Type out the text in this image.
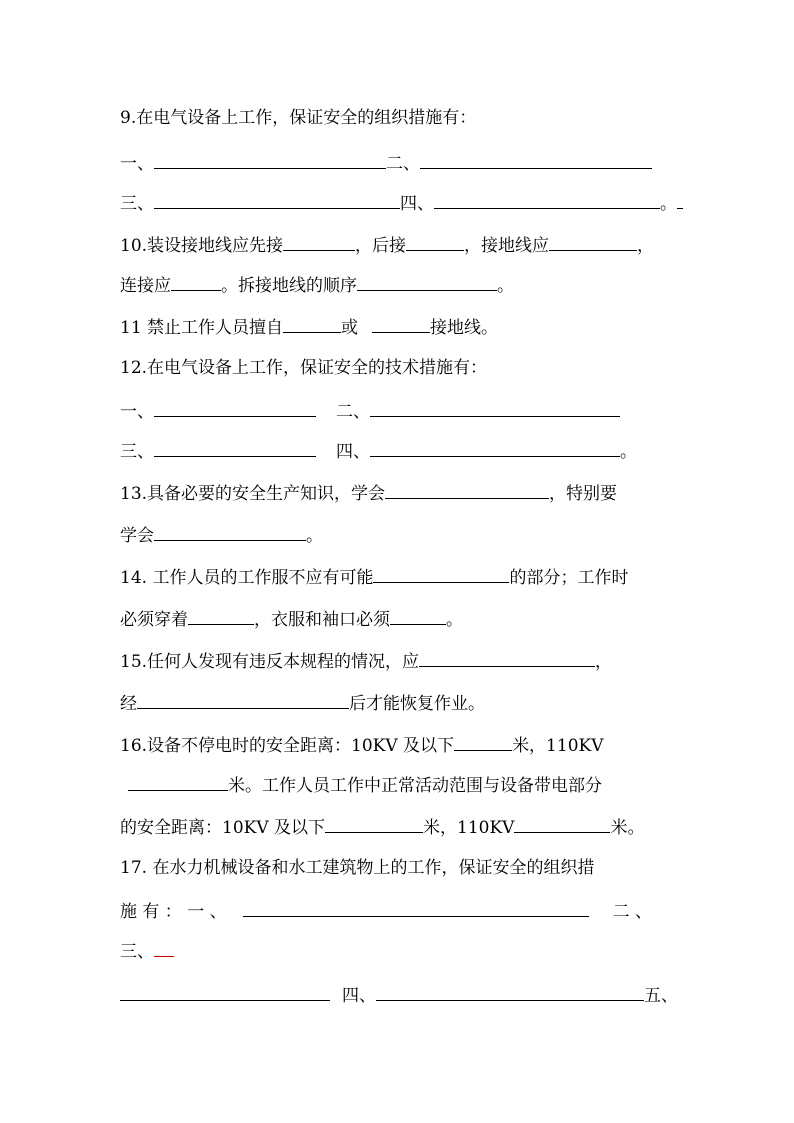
9.在电气设备上工作，保证安全的组织措施有：
一、	二、
三、	四、	。
10.装设接地线应先接	，后接	，接地线应	，
连接应	。拆接地线的顺序	。
11 禁止工作人员擅自	或	接地线。
12.在电气设备上工作，保证安全的技术措施有：
一、	二、
三、	四、	。
13.具备必要的安全生产知识，学会	，特别要
学会	。
14. 工作人员的工作服不应有可能	的部分；工作时
必须穿着	，衣服和袖口必须	。
15.任何人发现有违反本规程的情况，应	，
经	后才能恢复作业。
16.设备不停电时的安全距离：10KV 及以下	米，110KV
米。工作人员工作中正常活动范围与设备带电部分
的安全距离：10KV 及以下	米，110KV	米。
17. 在水力机械设备和水工建筑物上的工作，保证安全的组织措
施 有 ： 一 、	二 、
三、
四、	五、
